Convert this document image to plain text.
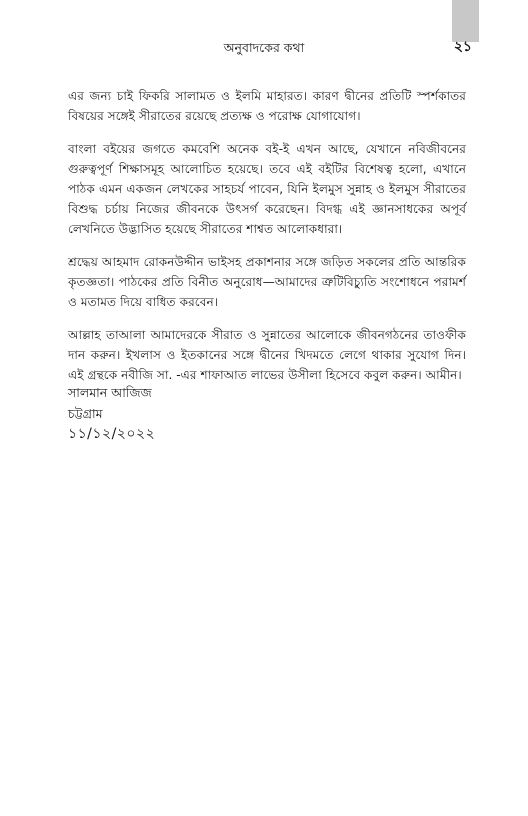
অনুবাদকের কথা	২১

এর জন্য চাই ফিকরি সালামত ও ইলমি মাহারত। কারণ দ্বীনের প্রতিটি স্পর্শকাতর বিষয়ের সঙ্গেই সীরাতের রয়েছে প্রত্যক্ষ ও পরোক্ষ যোগাযোগ।

বাংলা বইয়ের জগতে কমবেশি অনেক বই-ই এখন আছে, যেখানে নবিজীবনের গুরুত্বপূর্ণ শিক্ষাসমূহ আলোচিত হয়েছে। তবে এই বইটির বিশেষত্ব হলো, এখানে পাঠক এমন একজন লেখকের সাহচর্য পাবেন, যিনি ইলমুস সুন্নাহ ও ইলমুস সীরাতের বিশুদ্ধ চর্চায় নিজের জীবনকে উৎসর্গ করেছেন। বিদগ্ধ এই জ্ঞানসাধকের অপূর্ব লেখনিতে উদ্ভাসিত হয়েছে সীরাতের শাশ্বত আলোকধারা।

শ্রদ্ধেয় আহমাদ রোকনউদ্দীন ভাইসহ প্রকাশনার সঙ্গে জড়িত সকলের প্রতি আন্তরিক কৃতজ্ঞতা। পাঠকের প্রতি বিনীত অনুরোধ—আমাদের ত্রুটিবিচ্যুতি সংশোধনে পরামর্শ ও মতামত দিয়ে বাধিত করবেন।

আল্লাহ তাআলা আমাদেরকে সীরাত ও সুন্নাতের আলোকে জীবনগঠনের তাওফীক দান করুন। ইখলাস ও ইতকানের সঙ্গে দ্বীনের খিদমতে লেগে থাকার সুযোগ দিন। এই গ্রন্থকে নবীজি সা. -এর শাফাআত লাভের উসীলা হিসেবে কবুল করুন। আমীন।

সালমান আজিজ
চট্টগ্রাম
১১/১২/২০২২
